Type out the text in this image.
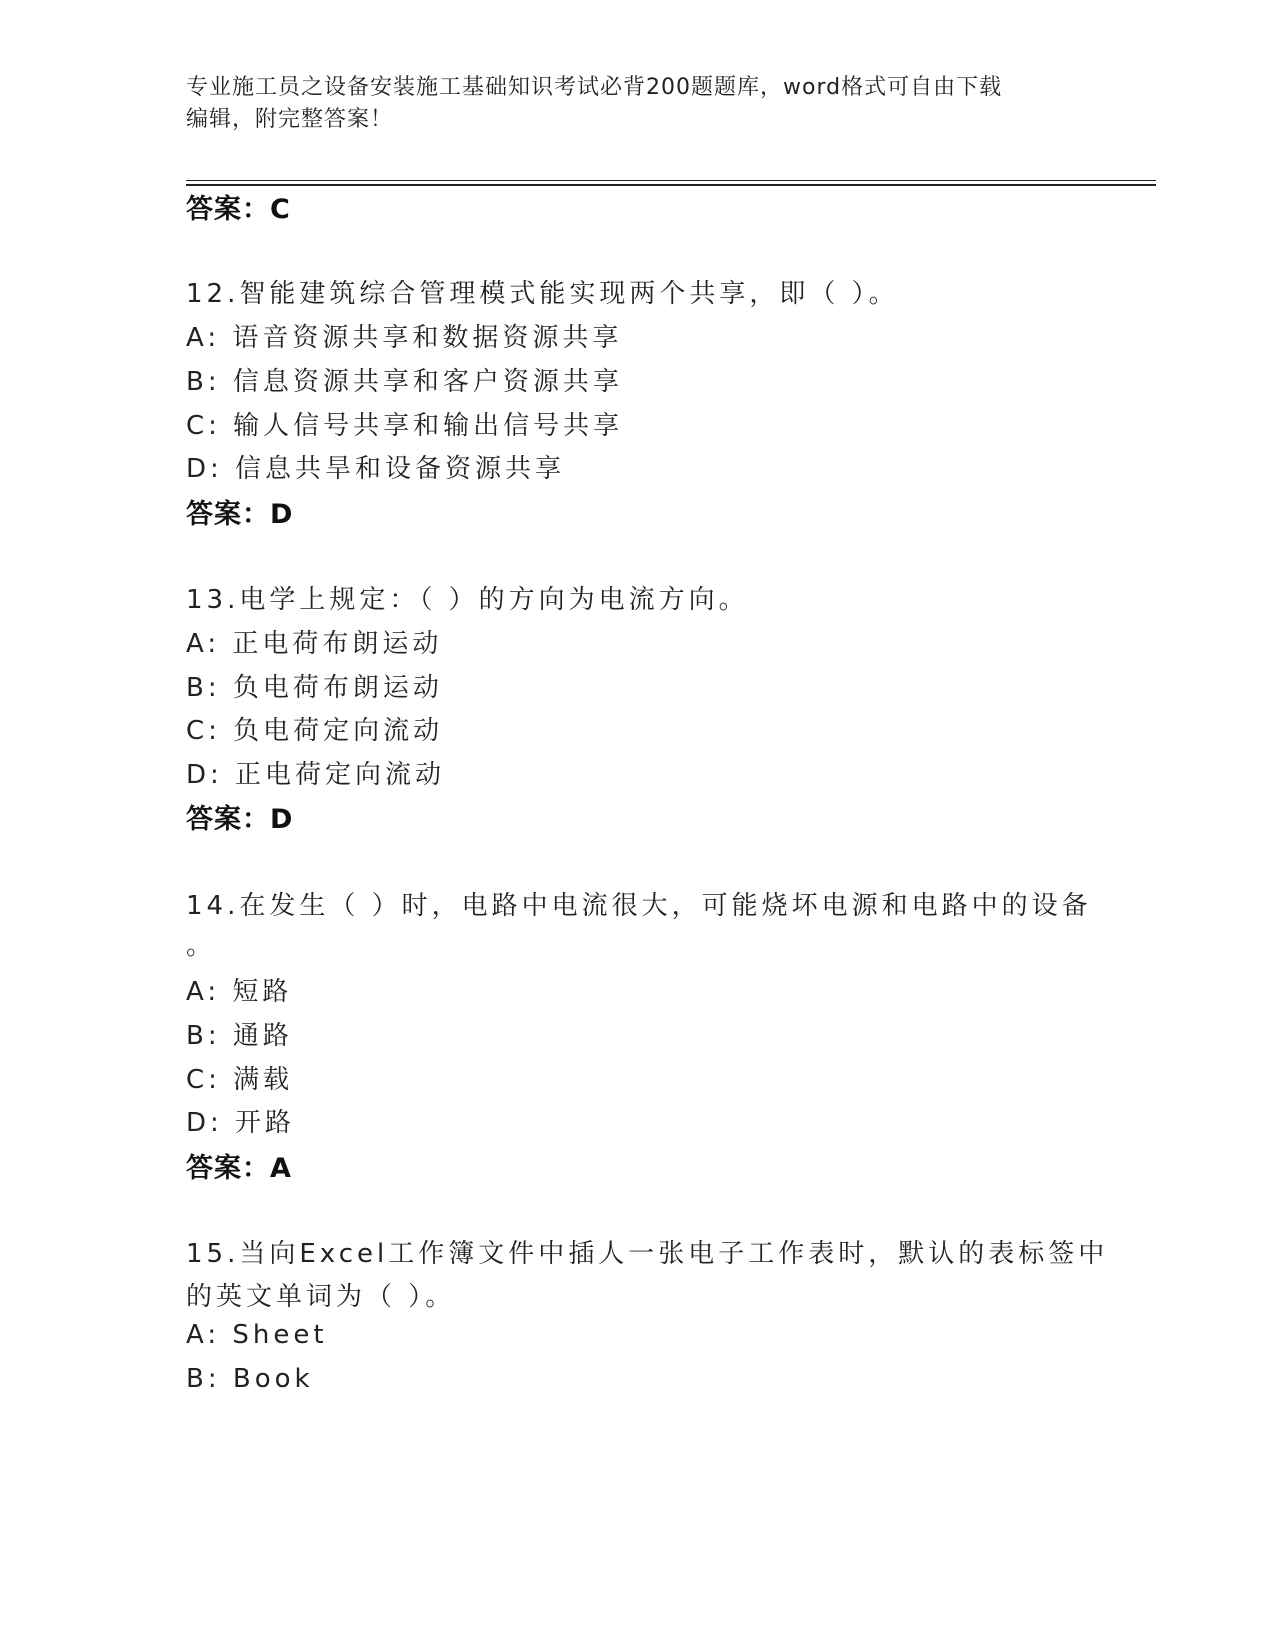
专业施工员之设备安装施工基础知识考试必背200题题库，word格式可自由下载
编辑，附完整答案！
答案：C
12.智能建筑综合管理模式能实现两个共享，即（ ）。
A: 语音资源共享和数据资源共享
B: 信息资源共享和客户资源共享
C: 输人信号共享和输出信号共享
D: 信息共旱和设备资源共享
答案：D
13.电学上规定：（ ）的方向为电流方向。
A: 正电荷布朗运动
B: 负电荷布朗运动
C: 负电荷定向流动
D: 正电荷定向流动
答案：D
14.在发生（ ）时，电路中电流很大，可能烧坏电源和电路中的设备
。
A: 短路
B: 通路
C: 满载
D: 开路
答案：A
15.当向Excel工作簿文件中插人一张电子工作表时，默认的表标签中
的英文单词为（ ）。
A: Sheet
B: Book
